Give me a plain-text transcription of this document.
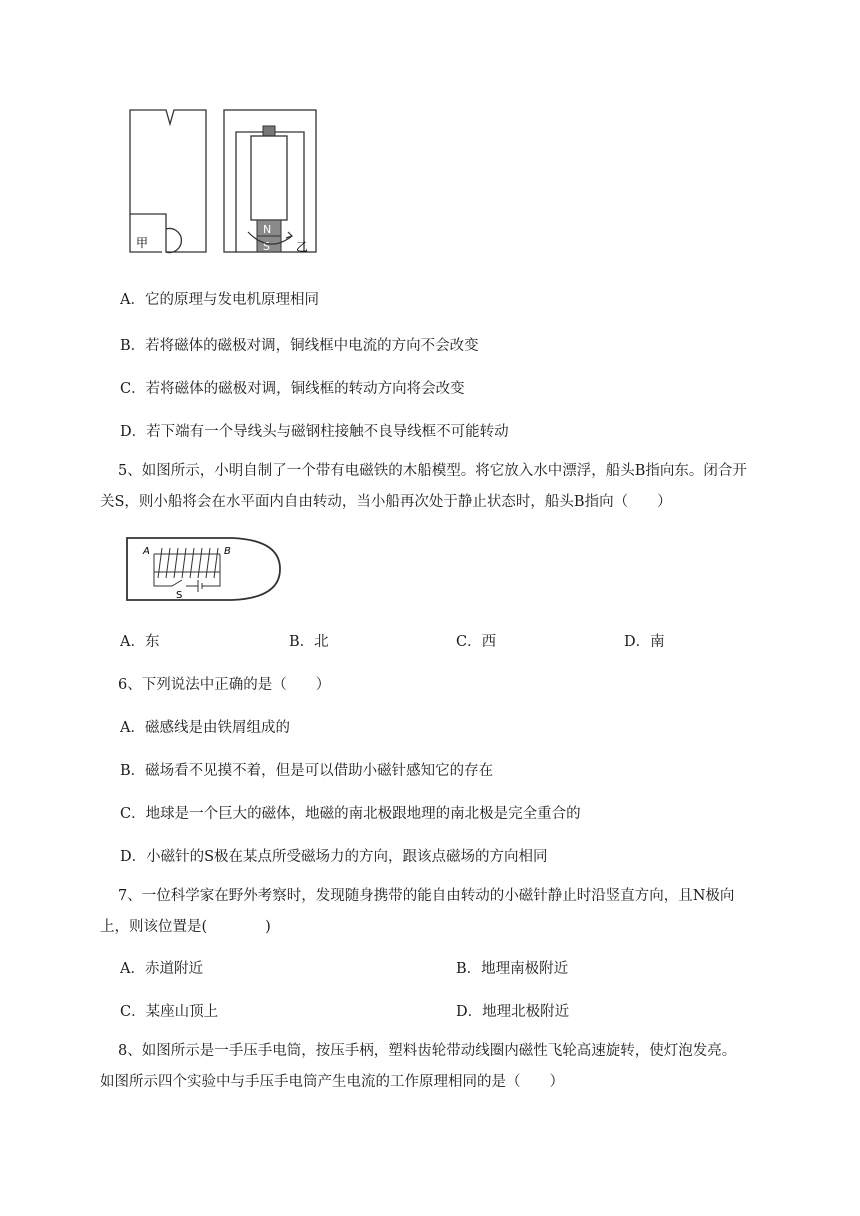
甲
N
S 乙
A．它的原理与发电机原理相同
B．若将磁体的磁极对调，铜线框中电流的方向不会改变
C．若将磁体的磁极对调，铜线框的转动方向将会改变
D．若下端有一个导线头与磁钢柱接触不良导线框不可能转动
5、如图所示，小明自制了一个带有电磁铁的木船模型。将它放入水中漂浮，船头B指向东。闭合开关S，则小船将会在水平面内自由转动，当小船再次处于静止状态时，船头B指向（　　）
A	B
S
A．东	B．北	C．西	D．南
6、下列说法中正确的是（　　）
A．磁感线是由铁屑组成的
B．磁场看不见摸不着，但是可以借助小磁针感知它的存在
C．地球是一个巨大的磁体，地磁的南北极跟地理的南北极是完全重合的
D．小磁针的S极在某点所受磁场力的方向，跟该点磁场的方向相同
7、一位科学家在野外考察时，发现随身携带的能自由转动的小磁针静止时沿竖直方向，且N极向上，则该位置是(　　　　)
A．赤道附近	B．地理南极附近
C．某座山顶上	D．地理北极附近
8、如图所示是一手压手电筒，按压手柄，塑料齿轮带动线圈内磁性飞轮高速旋转，使灯泡发亮。如图所示四个实验中与手压手电筒产生电流的工作原理相同的是（　　）
